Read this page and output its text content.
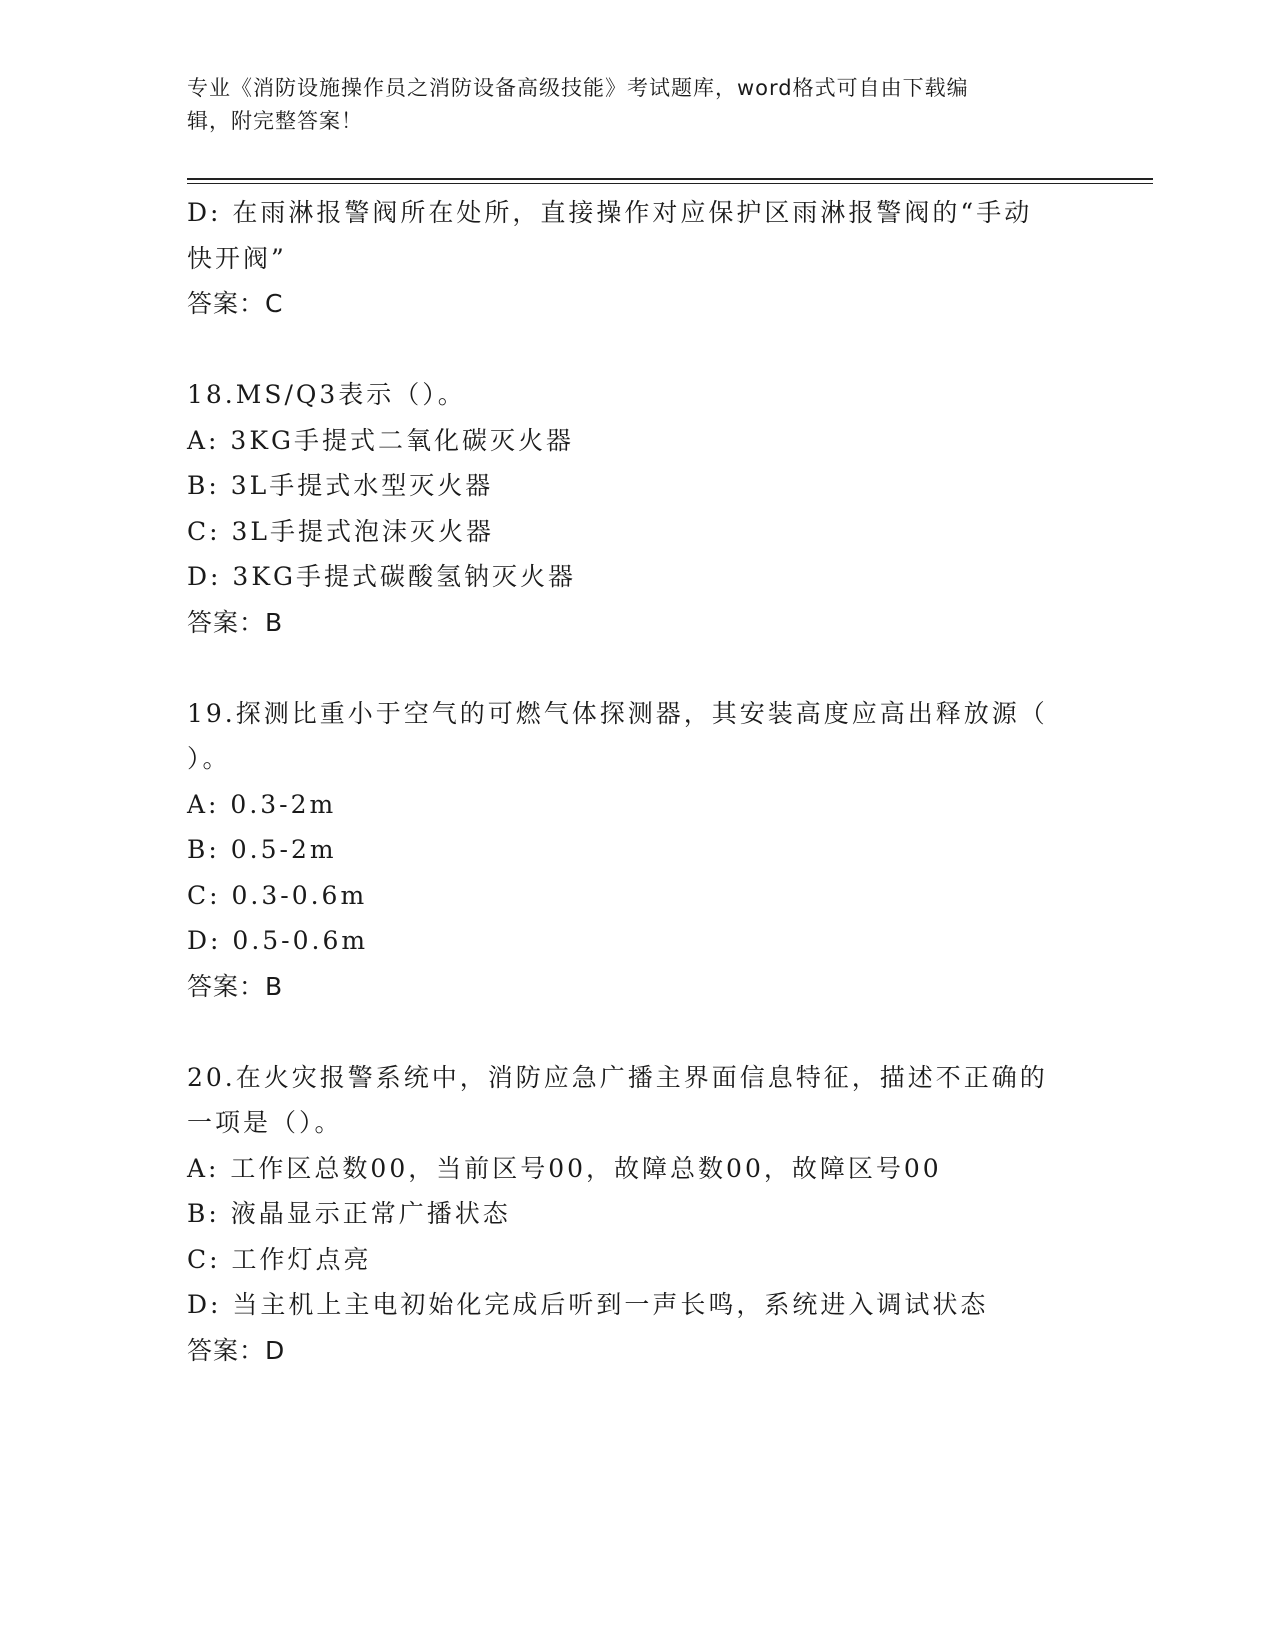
专业《消防设施操作员之消防设备高级技能》考试题库，word格式可自由下载编
辑，附完整答案！
D: 在雨淋报警阀所在处所，直接操作对应保护区雨淋报警阀的“手动
快开阀”
答案：C
18.MS/Q3表示（）。
A: 3KG手提式二氧化碳灭火器
B: 3L手提式水型灭火器
C: 3L手提式泡沫灭火器
D: 3KG手提式碳酸氢钠灭火器
答案：B
19.探测比重小于空气的可燃气体探测器，其安装高度应高出释放源（
）。
A: 0.3-2m
B: 0.5-2m
C: 0.3-0.6m
D: 0.5-0.6m
答案：B
20.在火灾报警系统中，消防应急广播主界面信息特征，描述不正确的
一项是（）。
A: 工作区总数00，当前区号00，故障总数00，故障区号00
B: 液晶显示正常广播状态
C: 工作灯点亮
D: 当主机上主电初始化完成后听到一声长鸣，系统进入调试状态
答案：D
